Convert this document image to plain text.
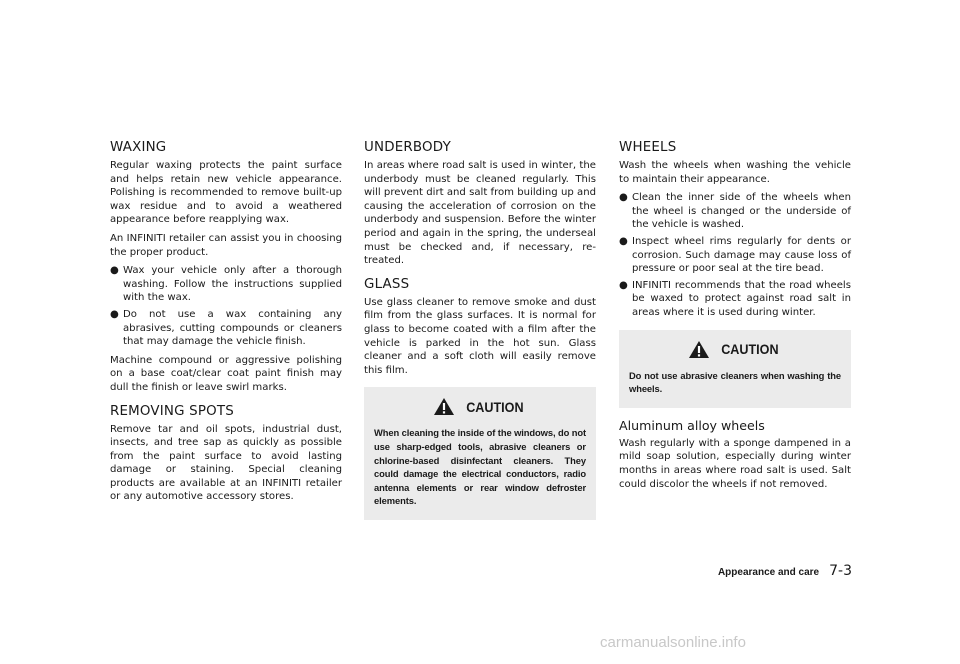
WAXING

Regular waxing protects the paint surface and helps retain new vehicle appearance. Polishing is recommended to remove built-up wax residue and to avoid a weathered appearance before reapplying wax.

An INFINITI retailer can assist you in choosing the proper product.

● Wax your vehicle only after a thorough washing. Follow the instructions supplied with the wax.
● Do not use a wax containing any abrasives, cutting compounds or cleaners that may damage the vehicle finish.

Machine compound or aggressive polishing on a base coat/clear coat paint finish may dull the finish or leave swirl marks.

REMOVING SPOTS

Remove tar and oil spots, industrial dust, insects, and tree sap as quickly as possible from the paint surface to avoid lasting damage or staining. Special cleaning products are available at an INFINITI retailer or any automotive accessory stores.

UNDERBODY

In areas where road salt is used in winter, the underbody must be cleaned regularly. This will prevent dirt and salt from building up and causing the acceleration of corrosion on the underbody and suspension. Before the winter period and again in the spring, the underseal must be checked and, if necessary, re-treated.

GLASS

Use glass cleaner to remove smoke and dust film from the glass surfaces. It is normal for glass to become coated with a film after the vehicle is parked in the hot sun. Glass cleaner and a soft cloth will easily remove this film.

CAUTION

When cleaning the inside of the windows, do not use sharp-edged tools, abrasive cleaners or chlorine-based disinfectant cleaners. They could damage the electrical conductors, radio antenna elements or rear window defroster elements.

WHEELS

Wash the wheels when washing the vehicle to maintain their appearance.

● Clean the inner side of the wheels when the wheel is changed or the underside of the vehicle is washed.
● Inspect wheel rims regularly for dents or corrosion. Such damage may cause loss of pressure or poor seal at the tire bead.
● INFINITI recommends that the road wheels be waxed to protect against road salt in areas where it is used during winter.
CAUTION

Do not use abrasive cleaners when washing the wheels.

Aluminum alloy wheels

Wash regularly with a sponge dampened in a mild soap solution, especially during winter months in areas where road salt is used. Salt could discolor the wheels if not removed.

Appearance and care 7-3
carmanualsonline.info
